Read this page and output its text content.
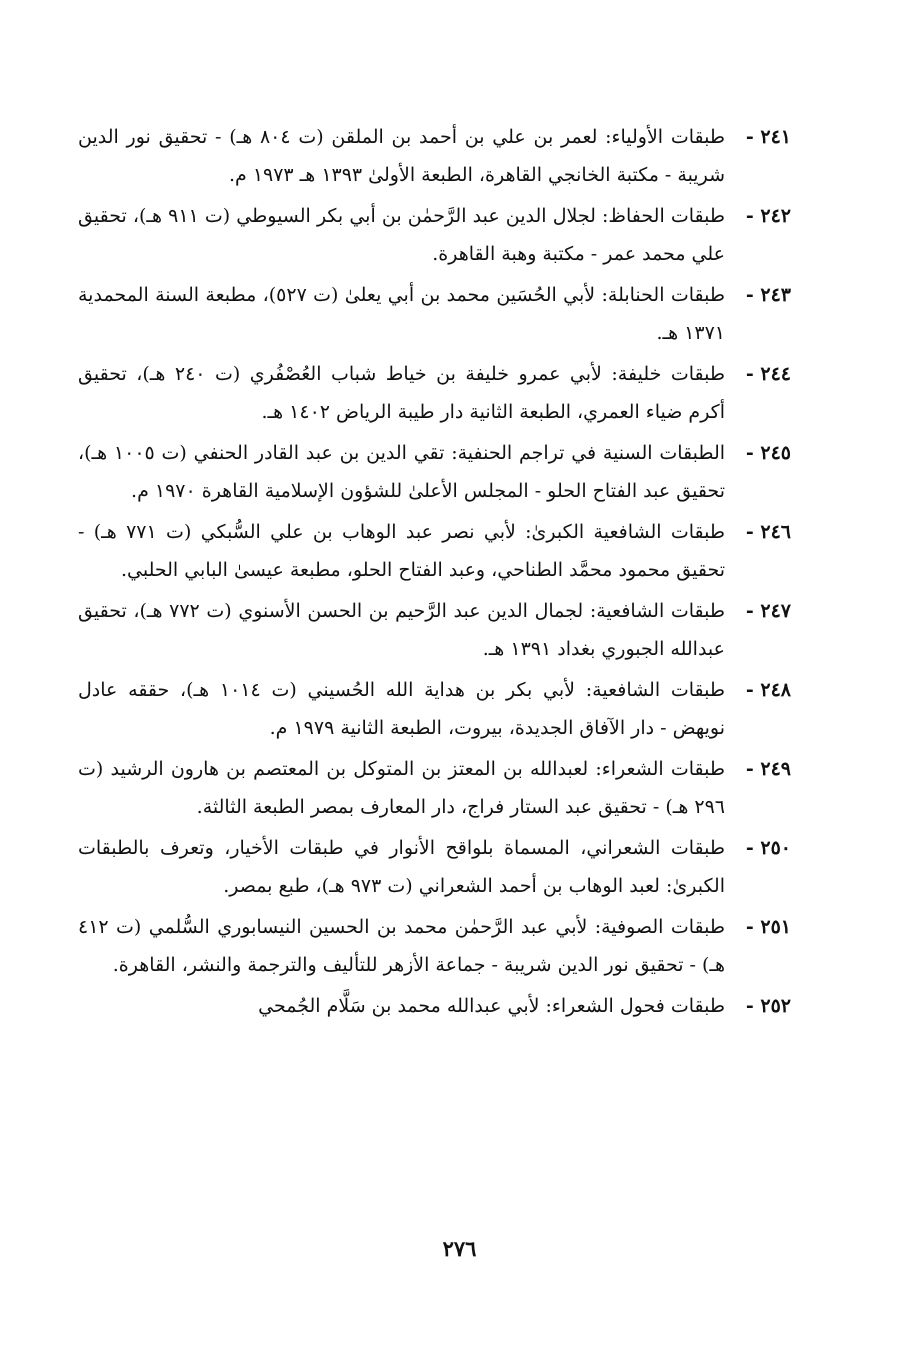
٢٤١ -
طبقات الأولياء: لعمر بن علي بن أحمد بن الملقن (ت ٨٠٤ هـ) - تحقيق نور الدين شريبة - مكتبة الخانجي القاهرة، الطبعة الأولىٰ ١٣٩٣ هـ ١٩٧٣ م.
٢٤٢ -
طبقات الحفاظ: لجلال الدين عبد الرَّحمٰن بن أبي بكر السيوطي (ت ٩١١ هـ)، تحقيق علي محمد عمر - مكتبة وهبة القاهرة.
٢٤٣ -
طبقات الحنابلة: لأبي الحُسَين محمد بن أبي يعلىٰ (ت ٥٢٧)، مطبعة السنة المحمدية ١٣٧١ هـ.
٢٤٤ -
طبقات خليفة: لأبي عمرو خليفة بن خياط شباب العُصْفُري (ت ٢٤٠ هـ)، تحقيق أكرم ضياء العمري، الطبعة الثانية دار طيبة الرياض ١٤٠٢ هـ.
٢٤٥ -
الطبقات السنية في تراجم الحنفية: تقي الدين بن عبد القادر الحنفي (ت ١٠٠٥ هـ)، تحقيق عبد الفتاح الحلو - المجلس الأعلىٰ للشؤون الإسلامية القاهرة ١٩٧٠ م.
٢٤٦ -
طبقات الشافعية الكبرىٰ: لأبي نصر عبد الوهاب بن علي السُّبكي (ت ٧٧١ هـ) - تحقيق محمود محمَّد الطناحي، وعبد الفتاح الحلو، مطبعة عيسىٰ البابي الحلبي.
٢٤٧ -
طبقات الشافعية: لجمال الدين عبد الرَّحيم بن الحسن الأسنوي (ت ٧٧٢ هـ)، تحقيق عبدالله الجبوري بغداد ١٣٩١ هـ.
٢٤٨ -
طبقات الشافعية: لأبي بكر بن هداية الله الحُسيني (ت ١٠١٤ هـ)، حققه عادل نويهض - دار الآفاق الجديدة، بيروت، الطبعة الثانية ١٩٧٩ م.
٢٤٩ -
طبقات الشعراء: لعبدالله بن المعتز بن المتوكل بن المعتصم بن هارون الرشيد (ت ٢٩٦ هـ) - تحقيق عبد الستار فراج، دار المعارف بمصر الطبعة الثالثة.
٢٥٠ -
طبقات الشعراني، المسماة بلواقح الأنوار في طبقات الأخيار، وتعرف بالطبقات الكبرىٰ: لعبد الوهاب بن أحمد الشعراني (ت ٩٧٣ هـ)، طبع بمصر.
٢٥١ -
طبقات الصوفية: لأبي عبد الرَّحمٰن محمد بن الحسين النيسابوري السُّلمي (ت ٤١٢ هـ) - تحقيق نور الدين شريبة - جماعة الأزهر للتأليف والترجمة والنشر، القاهرة.
٢٥٢ -
طبقات فحول الشعراء: لأبي عبدالله محمد بن سَلَّام الجُمحي
٢٧٦
